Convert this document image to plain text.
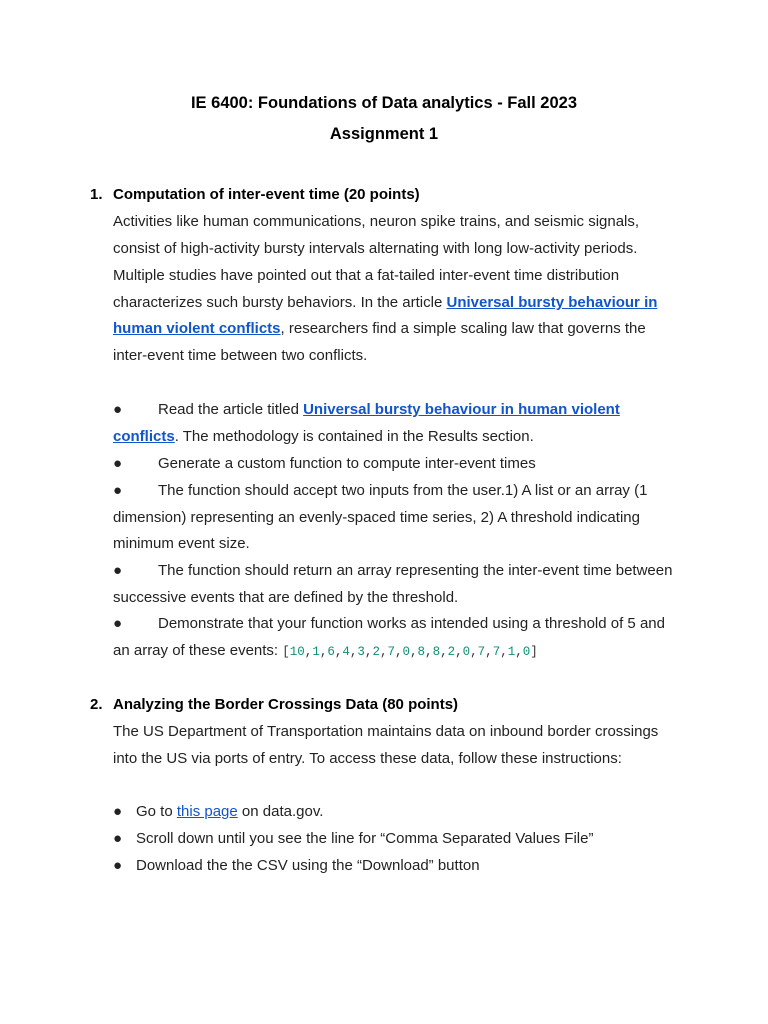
IE 6400: Foundations of Data analytics - Fall 2023
Assignment 1
1. Computation of inter-event time (20 points)
Activities like human communications, neuron spike trains, and seismic signals,
consist of high-activity bursty intervals alternating with long low-activity periods.
Multiple studies have pointed out that a fat-tailed inter-event time distribution
characterizes such bursty behaviors. In the article Universal bursty behaviour in
human violent conflicts, researchers find a simple scaling law that governs the
inter-event time between two conflicts.
● Read the article titled Universal bursty behaviour in human violent
conflicts. The methodology is contained in the Results section.
● Generate a custom function to compute inter-event times
● The function should accept two inputs from the user.1) A list or an array (1
dimension) representing an evenly-spaced time series, 2) A threshold indicating
minimum event size.
● The function should return an array representing the inter-event time between
successive events that are defined by the threshold.
● Demonstrate that your function works as intended using a threshold of 5 and
an array of these events: [10,1,6,4,3,2,7,0,8,8,2,0,7,7,1,0]
2. Analyzing the Border Crossings Data (80 points)
The US Department of Transportation maintains data on inbound border crossings
into the US via ports of entry. To access these data, follow these instructions:
● Go to this page on data.gov.
● Scroll down until you see the line for “Comma Separated Values File”
● Download the the CSV using the “Download” button
